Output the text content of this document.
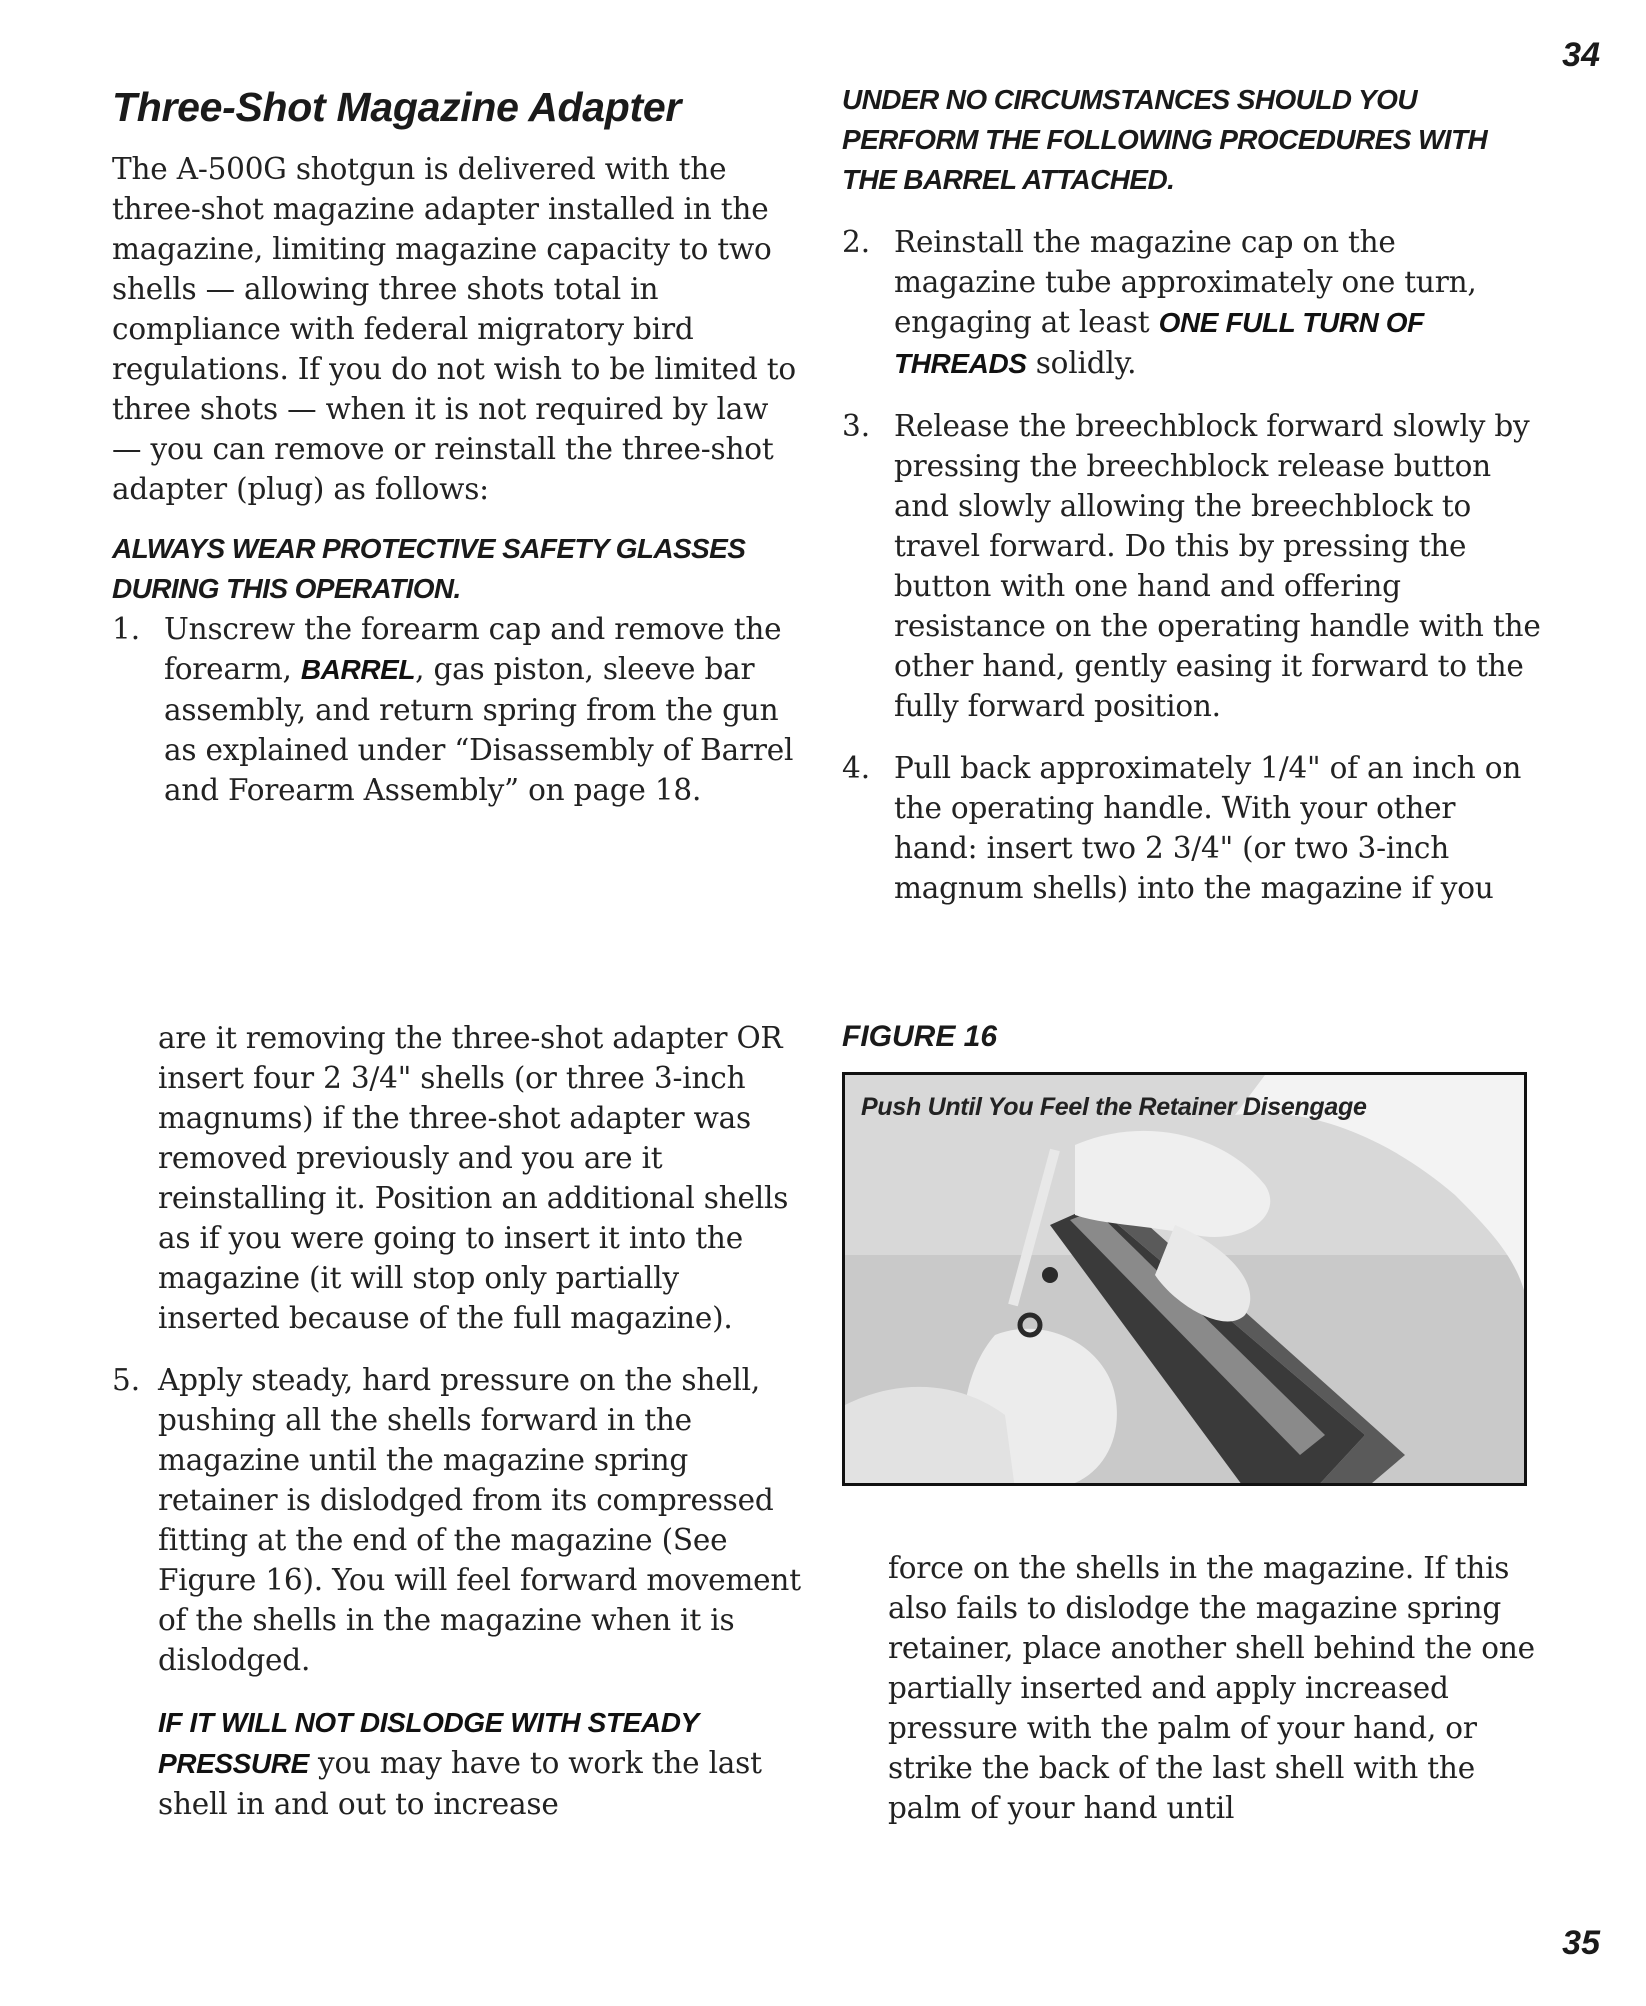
34
Three-Shot Magazine Adapter

The A-500G shotgun is delivered with the three-shot magazine adapter installed in the magazine, limiting magazine capacity to two shells — allowing three shots total in compliance with federal migratory bird regulations. If you do not wish to be limited to three shots — when it is not required by law — you can remove or reinstall the three-shot adapter (plug) as follows:

ALWAYS WEAR PROTECTIVE SAFETY GLASSES DURING THIS OPERATION.

1. Unscrew the forearm cap and remove the forearm, BARREL, gas piston, sleeve bar assembly, and return spring from the gun as explained under “Disassembly of Barrel and Forearm Assembly” on page 18.

UNDER NO CIRCUMSTANCES SHOULD YOU PERFORM THE FOLLOWING PROCEDURES WITH THE BARREL ATTACHED.

2. Reinstall the magazine cap on the magazine tube approximately one turn, engaging at least ONE FULL TURN OF THREADS solidly.

3. Release the breechblock forward slowly by pressing the breechblock release button and slowly allowing the breechblock to travel forward. Do this by pressing the button with one hand and offering resistance on the operating handle with the other hand, gently easing it forward to the fully forward position.

4. Pull back approximately 1/4" of an inch on the operating handle. With your other hand: insert two 2 3/4" (or two 3-inch magnum shells) into the magazine if you

are it removing the three-shot adapter OR insert four 2 3/4" shells (or three 3-inch magnums) if the three-shot adapter was removed previously and you are it reinstalling it. Position an additional shells as if you were going to insert it into the magazine (it will stop only partially inserted because of the full magazine).

5. Apply steady, hard pressure on the shell, pushing all the shells forward in the magazine until the magazine spring retainer is dislodged from its compressed fitting at the end of the magazine (See Figure 16). You will feel forward movement of the shells in the magazine when it is dislodged.

IF IT WILL NOT DISLODGE WITH STEADY PRESSURE you may have to work the last shell in and out to increase

FIGURE 16
Push Until You Feel the Retainer Disengage

force on the shells in the magazine. If this also fails to dislodge the magazine spring retainer, place another shell behind the one partially inserted and apply increased pressure with the palm of your hand, or strike the back of the last shell with the palm of your hand until

35
